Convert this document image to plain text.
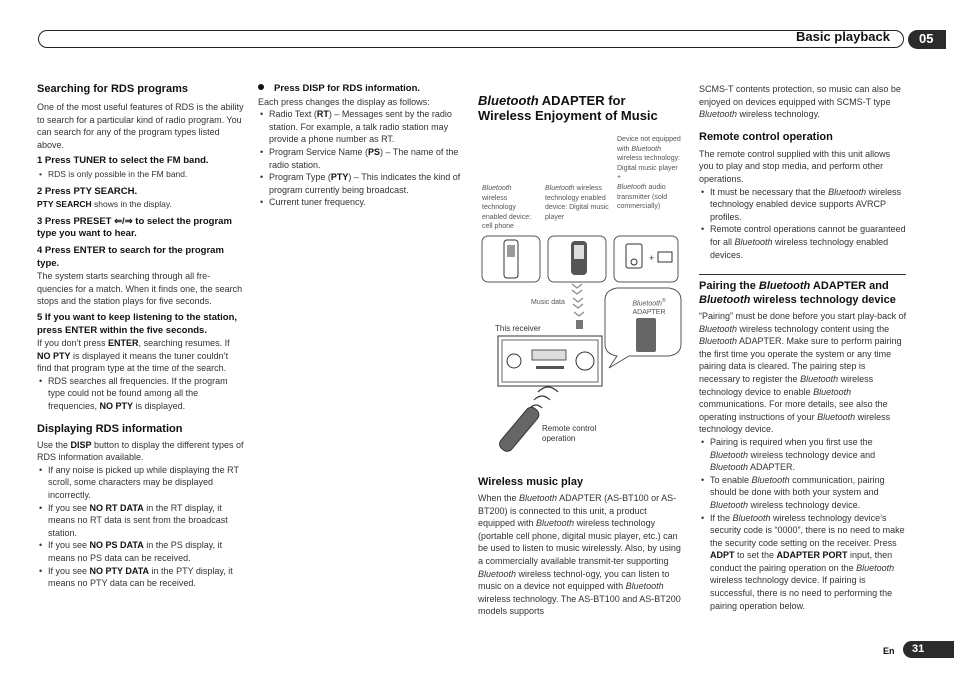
Basic playback	05
Searching for RDS programs

One of the most useful features of RDS is the ability to search for a particular kind of radio program. You can search for any of the program types listed above.

1 Press TUNER to select the FM band.

• RDS is only possible in the FM band.

2 Press PTY SEARCH.

PTY SEARCH shows in the display.

3 Press PRESET ⇐/⇒ to select the program type you want to hear.

4 Press ENTER to search for the program type.

The system starts searching through all fre-quencies for a match. When it finds one, the search stops and the station plays for five seconds.

5 If you want to keep listening to the station, press ENTER within the five seconds.

If you don’t press ENTER, searching resumes. If NO PTY is displayed it means the tuner couldn’t find that program type at the time of the search.

• RDS searches all frequencies. If the program type could not be found among all the frequencies, NO PTY is displayed.
Displaying RDS information

Use the DISP button to display the different types of RDS information available.

• If any noise is picked up while displaying the RT scroll, some characters may be displayed incorrectly.
• If you see NO RT DATA in the RT display, it means no RT data is sent from the broadcast station.
• If you see NO PS DATA in the PS display, it means no PS data can be received.
• If you see NO PTY DATA in the PTY display, it means no PTY data can be received.

Press DISP for RDS information.

Each press changes the display as follows:

• Radio Text (RT) – Messages sent by the radio station. For example, a talk radio station may provide a phone number as RT.
• Program Service Name (PS) – The name of the radio station.
• Program Type (PTY) – This indicates the kind of program currently being broadcast.
• Current tuner frequency.
Bluetooth ADAPTER for
Wireless Enjoyment of Music
Bluetooth
wireless technology enabled device: cell phone
Bluetooth wireless technology enabled device: Digital music player
Device not equipped with Bluetooth wireless technology: Digital music player
+
Bluetooth audio transmitter (sold commercially)
+
Music data	Bluetooth®
ADAPTER
This receiver
Remote control operation
Wireless music play

When the Bluetooth ADAPTER (AS-BT100 or AS-BT200) is connected to this unit, a product equipped with Bluetooth wireless technology (portable cell phone, digital music player, etc.) can be used to listen to music wirelessly. Also, by using a commercially available transmit-ter supporting Bluetooth wireless technol-ogy, you can listen to music on a device not equipped with Bluetooth wireless technology. The AS-BT100 and AS-BT200 models supports

SCMS-T contents protection, so music can also be enjoyed on devices equipped with SCMS-T type Bluetooth wireless technology.

Remote control operation

The remote control supplied with this unit allows you to play and stop media, and perform other operations.

• It must be necessary that the Bluetooth wireless technology enabled device supports AVRCP profiles.
• Remote control operations cannot be guaranteed for all Bluetooth wireless technology enabled devices.
Pairing the Bluetooth ADAPTER and Bluetooth wireless technology device

“Pairing” must be done before you start play-back of Bluetooth wireless technology content using the Bluetooth ADAPTER. Make sure to perform pairing the first time you operate the system or any time pairing data is cleared. The pairing step is necessary to register the Bluetooth wireless technology device to enable Bluetooth communications. For more details, see also the operating instructions of your Bluetooth wireless technology device.

• Pairing is required when you first use the Bluetooth wireless technology device and Bluetooth ADAPTER.
• To enable Bluetooth communication, pairing should be done with both your system and Bluetooth wireless technology device.
• If the Bluetooth wireless technology device’s security code is “0000”, there is no need to make the security code setting on the receiver. Press ADPT to set the ADAPTER PORT input, then conduct the pairing operation on the Bluetooth wireless technology device. If pairing is successful, there is no need to performing the pairing operation below.
En	31
